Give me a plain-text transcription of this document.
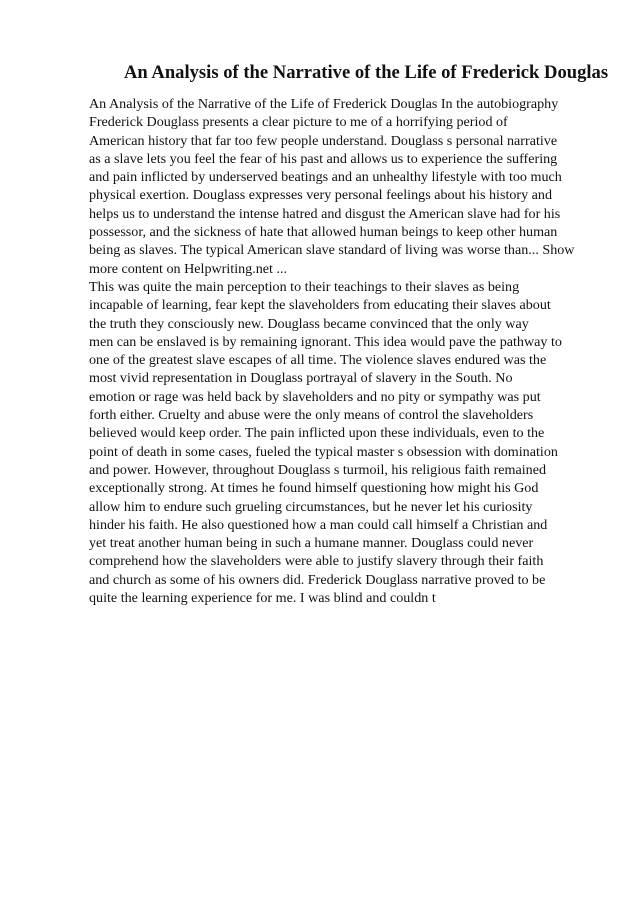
An Analysis of the Narrative of the Life of Frederick Douglas
An Analysis of the Narrative of the Life of Frederick Douglas In the autobiography
Frederick Douglass presents a clear picture to me of a horrifying period of
American history that far too few people understand. Douglass s personal narrative
as a slave lets you feel the fear of his past and allows us to experience the suffering
and pain inflicted by underserved beatings and an unhealthy lifestyle with too much
physical exertion. Douglass expresses very personal feelings about his history and
helps us to understand the intense hatred and disgust the American slave had for his
possessor, and the sickness of hate that allowed human beings to keep other human
being as slaves. The typical American slave standard of living was worse than... Show
more content on Helpwriting.net ...
This was quite the main perception to their teachings to their slaves as being
incapable of learning, fear kept the slaveholders from educating their slaves about
the truth they consciously new. Douglass became convinced that the only way
men can be enslaved is by remaining ignorant. This idea would pave the pathway to
one of the greatest slave escapes of all time. The violence slaves endured was the
most vivid representation in Douglass portrayal of slavery in the South. No
emotion or rage was held back by slaveholders and no pity or sympathy was put
forth either. Cruelty and abuse were the only means of control the slaveholders
believed would keep order. The pain inflicted upon these individuals, even to the
point of death in some cases, fueled the typical master s obsession with domination
and power. However, throughout Douglass s turmoil, his religious faith remained
exceptionally strong. At times he found himself questioning how might his God
allow him to endure such grueling circumstances, but he never let his curiosity
hinder his faith. He also questioned how a man could call himself a Christian and
yet treat another human being in such a humane manner. Douglass could never
comprehend how the slaveholders were able to justify slavery through their faith
and church as some of his owners did. Frederick Douglass narrative proved to be
quite the learning experience for me. I was blind and couldn t
